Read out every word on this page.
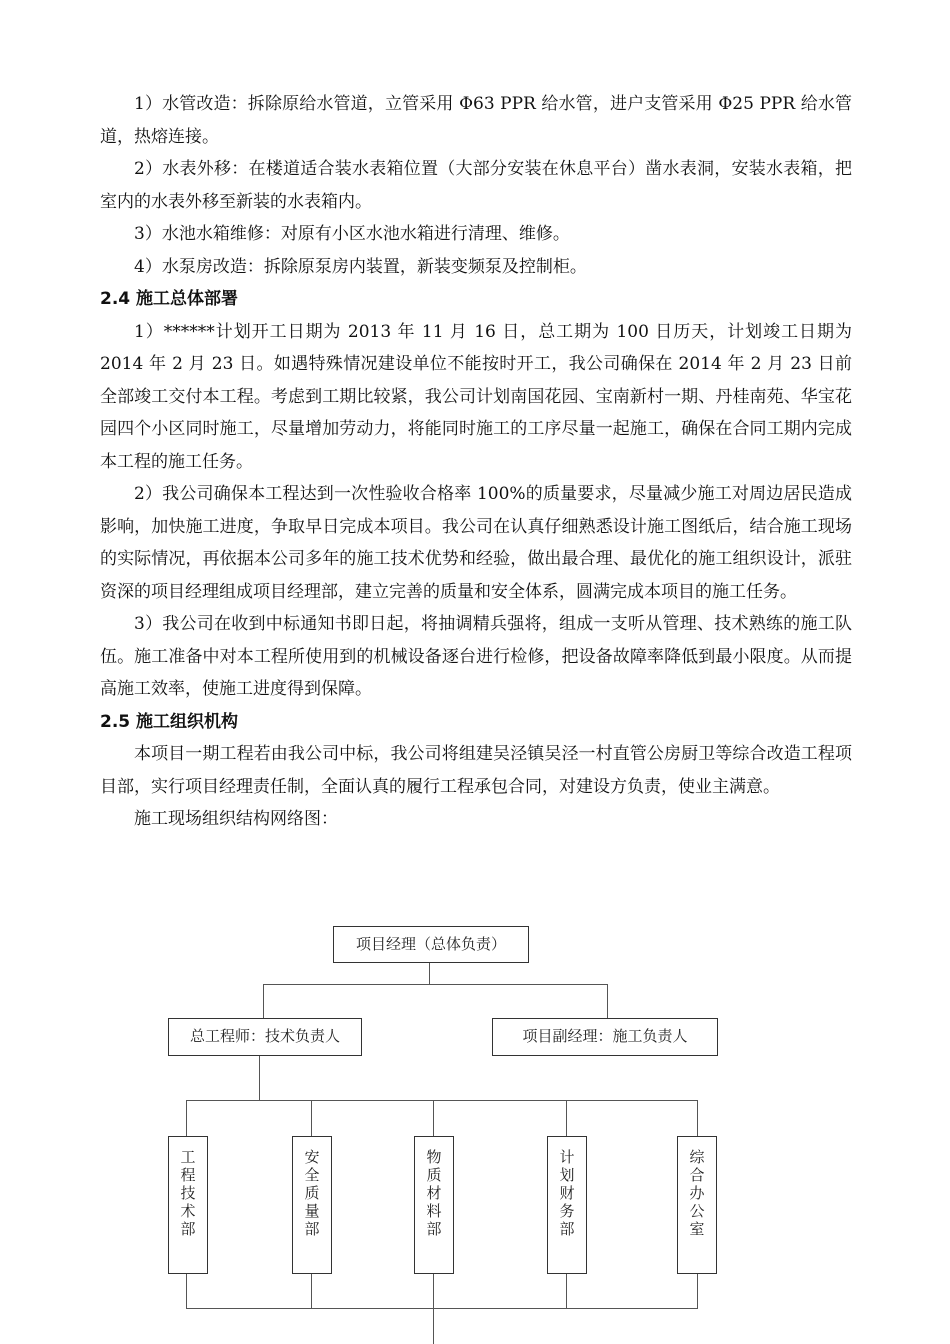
1）水管改造：拆除原给水管道，立管采用 Φ63 PPR 给水管，进户支管采用 Φ25 PPR 给水管道，热熔连接。

2）水表外移：在楼道适合装水表箱位置（大部分安装在休息平台）凿水表洞，安装水表箱，把室内的水表外移至新装的水表箱内。

3）水池水箱维修：对原有小区水池水箱进行清理、维修。

4）水泵房改造：拆除原泵房内装置，新装变频泵及控制柜。

2.4 施工总体部署

1）******计划开工日期为 2013 年 11 月 16 日，总工期为 100 日历天，计划竣工日期为 2014 年 2 月 23 日。如遇特殊情况建设单位不能按时开工，我公司确保在 2014 年 2 月 23 日前全部竣工交付本工程。考虑到工期比较紧，我公司计划南国花园、宝南新村一期、丹桂南苑、华宝花园四个小区同时施工，尽量增加劳动力，将能同时施工的工序尽量一起施工，确保在合同工期内完成本工程的施工任务。

2）我公司确保本工程达到一次性验收合格率 100%的质量要求，尽量减少施工对周边居民造成影响，加快施工进度，争取早日完成本项目。我公司在认真仔细熟悉设计施工图纸后，结合施工现场的实际情况，再依据本公司多年的施工技术优势和经验，做出最合理、最优化的施工组织设计，派驻资深的项目经理组成项目经理部，建立完善的质量和安全体系，圆满完成本项目的施工任务。

3）我公司在收到中标通知书即日起，将抽调精兵强将，组成一支听从管理、技术熟练的施工队伍。施工准备中对本工程所使用到的机械设备逐台进行检修，把设备故障率降低到最小限度。从而提高施工效率，使施工进度得到保障。

2.5 施工组织机构

本项目一期工程若由我公司中标，我公司将组建吴泾镇吴泾一村直管公房厨卫等综合改造工程项目部，实行项目经理责任制，全面认真的履行工程承包合同，对建设方负责，使业主满意。

施工现场组织结构网络图：

项目经理（总体负责）
总工程师：技术负责人	项目副经理：施工负责人
工程技术部	安全质量部	物质材料部	计划财务部	综合办公室
